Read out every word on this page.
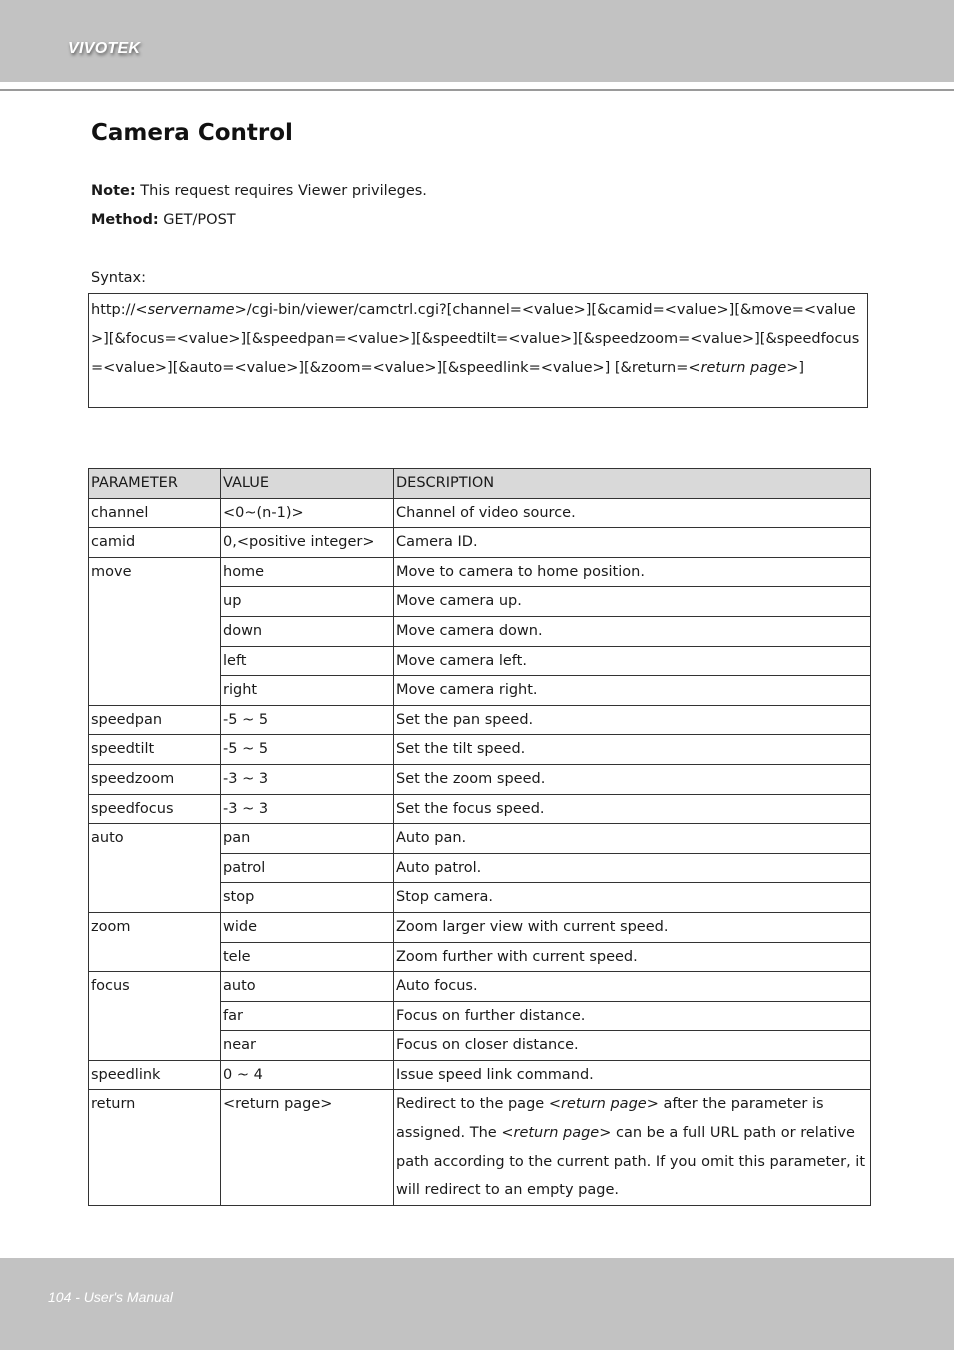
VIVOTEK
Camera Control
Note: This request requires Viewer privileges.
Method: GET/POST
Syntax:
http://<servername>/cgi-bin/viewer/camctrl.cgi?[channel=<value>][&camid=<value>][&move=<value>][&focus=<value>][&speedpan=<value>][&speedtilt=<value>][&speedzoom=<value>][&speedfocus=<value>][&auto=<value>][&zoom=<value>][&speedlink=<value>] [&return=<return page>]
PARAMETER	VALUE	DESCRIPTION
channel	<0~(n-1)>	Channel of video source.
camid	0,<positive integer>	Camera ID.
move	home	Move to camera to home position.
	up	Move camera up.
	down	Move camera down.
	left	Move camera left.
	right	Move camera right.
speedpan	-5 ~ 5	Set the pan speed.
speedtilt	-5 ~ 5	Set the tilt speed.
speedzoom	-3 ~ 3	Set the zoom speed.
speedfocus	-3 ~ 3	Set the focus speed.
auto	pan	Auto pan.
	patrol	Auto patrol.
	stop	Stop camera.
zoom	wide	Zoom larger view with current speed.
	tele	Zoom further with current speed.
focus	auto	Auto focus.
	far	Focus on further distance.
	near	Focus on closer distance.
speedlink	0 ~ 4	Issue speed link command.
return	<return page>	Redirect to the page <return page> after the parameter is assigned. The <return page> can be a full URL path or relative path according to the current path. If you omit this parameter, it will redirect to an empty page.
104 - User's Manual
